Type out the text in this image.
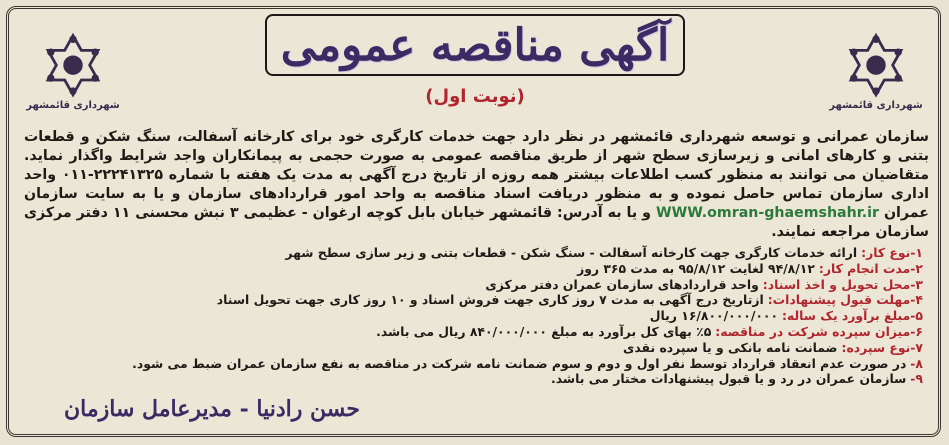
شهرداری قائمشهر	شهرداری قائمشهر
آگهی مناقصه عمومی
(نوبت اول)
سازمان عمرانی و توسعه شهرداری قائمشهر در نظر دارد جهت خدمات کارگری خود برای کارخانه آسفالت، سنگ شکن و قطعات بتنی و کارهای امانی و زیرسازی سطح شهر از طریق مناقصه عمومی به صورت حجمی به پیمانکاران واجد شرایط واگذار نماید. متقاضیان می توانند به منظور کسب اطلاعات بیشتر همه روزه از تاریخ درج آگهی به مدت یک هفته با شماره ۲۲۲۴۱۳۲۵-۰۱۱ واحد اداری سازمان تماس حاصل نموده و به منظور دریافت اسناد مناقصه به واحد امور قراردادهای سازمان و یا به سایت سازمان عمران WWW.omran-ghaemshahr.ir و یا به آدرس: قائمشهر خیابان بابل کوچه ارغوان - عظیمی ۳ نبش محسنی ۱۱ دفتر مرکزی سازمان مراجعه نمایند.
۱-نوع کار: ارائه خدمات کارگری جهت کارخانه آسفالت - سنگ شکن - قطعات بتنی و زیر سازی سطح شهر
۲-مدت انجام کار: ۹۴/۸/۱۲ لغایت ۹۵/۸/۱۲ به مدت ۳۶۵ روز
۳-محل تحویل و اخذ اسناد: واحد قراردادهای سازمان عمران دفتر مرکزی
۴-مهلت قبول پیشنهادات: ازتاریخ درج آگهی به مدت ۷ روز کاری جهت فروش اسناد و ۱۰ روز کاری جهت تحویل اسناد
۵-مبلغ برآورد یک ساله: ۱۶/۸۰۰/۰۰۰/۰۰۰ ریال
۶-میزان سپرده شرکت در مناقصه: ۵٪ بهای کل برآورد به مبلغ ۸۴۰/۰۰۰/۰۰۰ ریال می باشد.
۷-نوع سپرده: ضمانت نامه بانکی و یا سپرده نقدی
۸- در صورت عدم انعقاد قرارداد توسط نفر اول و دوم و سوم ضمانت نامه شرکت در مناقصه به نفع سازمان عمران ضبط می شود.
۹- سازمان عمران در رد و یا قبول پیشنهادات مختار می باشد.
حسن رادنیا - مدیرعامل سازمان
